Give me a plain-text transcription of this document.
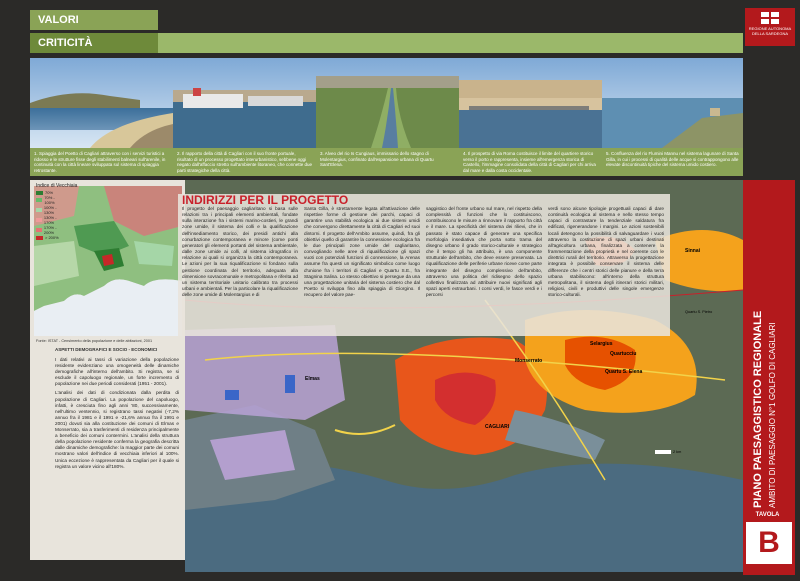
VALORI
CRITICITÀ
REGIONE AUTONOMA
DELLA SARDEGNA
1. Spiaggia del Poetto di Cagliari attraverso con i servizi turistici a ridosso e le strutture fisse degli stabilimenti balneari sull'arenile, in continuità con la città lineare sviluppata sul sistema di spiaggia retrostante.
2. Il rapporto della città di Cagliari con il suo fronte portuale, risultato di un processo progettato interurbanistico, sebbene oggi negato dall'affaccio stretto sull'ambiente litoraneo, che connette due parti strategiche della città.
3. Alveo del rio Is Cungiaus, immissario dello stagno di Molentargius, confinato dall'espansione urbana di Quartu Sant'Elena.
4. Il prospetto di via Roma costituisce il limite del quartiere storico verso il porto e rappresenta, insieme all'emergenza storica di Castello, l'immagine consolidata della città di Cagliari per chi arriva dal mare e dalla costa occidentale.
5. Confluenza del rio Flumini Mannu nel sistema lagunare di Santa Gilla, in cui i processi di qualità delle acque si contrappongono alle elevate discontinuità tipiche del sistema umido costiero.
Indice di Vecchiaia
70%
70% - 100%
100% - 130%
130% - 170%
170% - 200%
> 200%
Fonte: ISTAT - Censimento della popolazione e delle abitazioni, 2001
ASPETTI DEMOGRAFICI E SOCIO - ECONOMICI

I dati relativi ai tassi di variazione della popolazione residente evidenziano una omogeneità delle dinamiche demografiche all'interno dell'ambito. Si registra, se si esclude il capoluogo regionale, un forte incremento di popolazione nei due periodi considerati (1951 - 2001).

L'analisi dei dati di condizionata dalla perdita di popolazione di Cagliari. La popolazione del capoluogo, infatti, è cresciuta fino agli anni '80, successivamente, nell'ultimo ventennio, si registrano tassi negativi (-7,2% annuo fra il 1981 e il 1991 e -21,6% annuo fra il 1991 e 2001) dovuti sia alla costituzione dei comuni di Elmas e Monserrato, sia a trasferimenti di residenza principalmente a beneficio dei comuni contermini. L'analisi della struttura della popolazione residente conferma la geografia descritta dalle dinamiche demografiche: la maggior parte dei comuni mostrano valori dell'indice di vecchiaia inferiori al 100%. Unica eccezione è rappresentata da Cagliari per il quale si registra un valore vicino all'180%.

CAGLIARI
Quartu S. Elena
Monserrato
Selargius
Quartucciu
Sinnai
Elmas
Quartu S. Pietro
2 km
INDIRIZZI PER IL PROGETTO

Il progetto del paesaggio cagliaritano si basa sulle relazioni tra i principali elementi ambientali, fondate sulla interazione fra i sistemi marino-costieri, le grandi zone umide, il sistema dei colli e la qualificazione dell'insediamento storico, dei presidi antichi alla conurbazione contemporanea e minore (come ponti generatori gli elementi portanti del sistema ambientale, dalle zone umide ai colli, al sistema idrografico in relazione ai quali si organizza la città contemporanea. Le azioni per la sua riqualificazione si fondano sulla gestione coordinata del territorio, adeguata alla dimensione sovracomunale e metropolitana e riferita ad un sistema territoriale unitario calibrato tra processi urbani e ambientali. Per la particolare la riqualificazione delle zone umide di Molentargius e di

Santa Gilla, è strettamente legata all'attivazione delle rispettive forme di gestione dei parchi, capaci di garantire una stabilità ecologica ai due sistemi umidi che convergono direttamente la città di Cagliari ed suoi dintorni. Il progetto dell'Ambito assume, quindi, fra gli obiettivi quello di garantire la connessione ecologica fra le due principali zone umide del cagliaritano, convogliando nelle aree di riqualificazione gli spazi vuoti con potenziali funzioni di connessione, la Arenas assume fra questi un significato simbolico come luogo d'unione fra i territori di Cagliari e Quartu S.E., fra Stagnina Salina. Lo stesso obiettivo si persegue da una una progettazione unitaria del sistema costiero che dal Poetto si sviluppa fino alla spiaggia di Giorgino. Il recupero del valore pae-

saggistico del fronte urbano sul mare, nel rispetto della complessità di funzioni che lo costituiscono, contribuiscono le misure a rinnovare il rapporto fra città e il mare. La specificità del sistema dei rilievi, che in passato è stato capace di generare una specifica morfologia insediativa che porta sotto trama del disegno urbano il grado storico-culturale e strategico che il tempo gli ha attribuito, è una componente strutturale dell'ambito, che deve essere preservata. La riqualificazione delle periferie urbane riceve come parte integrante del disegno complessivo dell'ambito, attraverso una politica del ridisegno dello spazio collettivo finalizzata ad attribuire nuovi significati agli spazi aperti extraurbani. I corsi verdi, le fasce verdi e i percorsi

verdi sono alcune tipologie progettuali capaci di dare continuità ecologica al sistema e nello stesso tempo capaci di contrastare la tendenziale saldatura fra edificati, rigenerandone i margini. Le azioni sostenibili locali detengono la possibilità di salvaguardare i vuoti attraverso la costituzione di spazi urbani destinati all'agricoltura urbana, finalizzata a contenere la frammentazione della proprietà e nel coerente con le direttrici rurali del territorio. Attraverso la progettazione integrata è possibile conservare il sistema delle differenze che i centri storici delle pianure e della terra urbana stabiliscono: all'interno della struttura metropolitana, il sistema degli itinerari storici militari, religiosi, civili e produttivi delle singole emergenze storico-culturali.

PIANO PAESAGGISTICO REGIONALE AMBITO DI PAESAGGIO N°1 GOLFO DI CAGLIARI
TAVOLA
B
